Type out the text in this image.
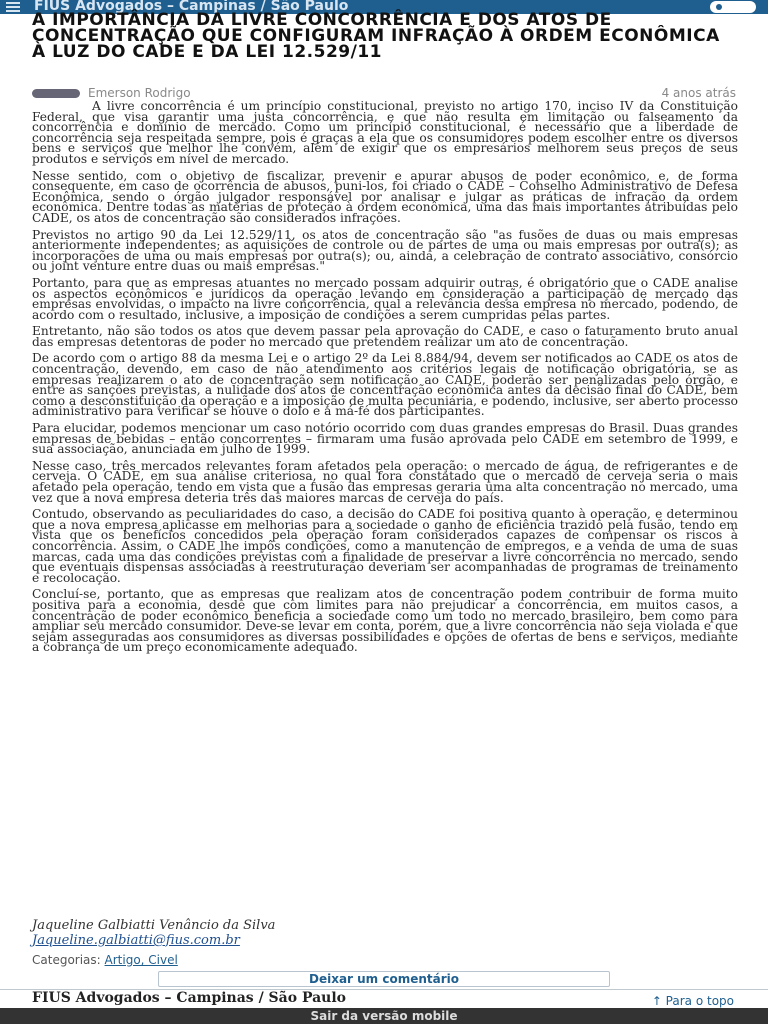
FIUS Advogados – Campinas / São Paulo
A IMPORTÂNCIA DA LIVRE CONCORRÊNCIA E DOS ATOS DE CONCENTRAÇÃO QUE CONFIGURAM INFRAÇÃO À ORDEM ECONÔMICA À LUZ DO CADE E DA LEI 12.529/11
Emerson Rodrigo	4 anos atrás

A livre concorrência é um princípio constitucional, previsto no artigo 170, inciso IV da Constituição Federal, que visa garantir uma justa concorrência, e que não resulta em limitação ou falseamento da concorrência e domínio de mercado. Como um princípio constitucional, é necessário que a liberdade de concorrência seja respeitada sempre, pois é graças a ela que os consumidores podem escolher entre os diversos bens e serviços que melhor lhe convém, além de exigir que os empresários melhorem seus preços de seus produtos e serviços em nível de mercado.

Nesse sentido, com o objetivo de fiscalizar, prevenir e apurar abusos de poder econômico, e, de forma consequente, em caso de ocorrência de abusos, puni-los, foi criado o CADE – Conselho Administrativo de Defesa Econômica, sendo o órgão julgador responsável por analisar e julgar as práticas de infração da ordem econômica. Dentre todas as matérias de proteção à ordem econômica, uma das mais importantes atribuídas pelo CADE, os atos de concentração são considerados infrações.

Previstos no artigo 90 da Lei 12.529/11, os atos de concentração são "as fusões de duas ou mais empresas anteriormente independentes; as aquisições de controle ou de partes de uma ou mais empresas por outra(s); as incorporações de uma ou mais empresas por outra(s); ou, ainda, a celebração de contrato associativo, consórcio ou joint venture entre duas ou mais empresas."

Portanto, para que as empresas atuantes no mercado possam adquirir outras, é obrigatório que o CADE analise os aspectos econômicos e jurídicos da operação levando em consideração a participação de mercado das empresas envolvidas, o impacto na livre concorrência, qual a relevância dessa empresa no mercado, podendo, de acordo com o resultado, inclusive, a imposição de condições a serem cumpridas pelas partes.

Entretanto, não são todos os atos que devem passar pela aprovação do CADE, e caso o faturamento bruto anual das empresas detentoras de poder no mercado que pretendem realizar um ato de concentração.

De acordo com o artigo 88 da mesma Lei e o artigo 2º da Lei 8.884/94, devem ser notificados ao CADE os atos de concentração, devendo, em caso de não atendimento aos critérios legais de notificação obrigatória, se as empresas realizarem o ato de concentração sem notificação ao CADE, poderão ser penalizadas pelo órgão, e entre as sanções previstas, a nulidade dos atos de concentração econômica antes da decisão final do CADE, bem como a desconstituição da operação e a imposição de multa pecuniária, e podendo, inclusive, ser aberto processo administrativo para verificar se houve o dolo e a má-fé dos participantes.

Para elucidar, podemos mencionar um caso notório ocorrido com duas grandes empresas do Brasil. Duas grandes empresas de bebidas – então concorrentes – firmaram uma fusão aprovada pelo CADE em setembro de 1999, e sua associação, anunciada em julho de 1999.

Nesse caso, três mercados relevantes foram afetados pela operação: o mercado de água, de refrigerantes e de cerveja. O CADE, em sua análise criteriosa, no qual fora constatado que o mercado de cerveja seria o mais afetado pela operação, tendo em vista que a fusão das empresas geraria uma alta concentração no mercado, uma vez que a nova empresa deteria três das maiores marcas de cerveja do país.

Contudo, observando as peculiaridades do caso, a decisão do CADE foi positiva quanto à operação, e determinou que a nova empresa aplicasse em melhorias para a sociedade o ganho de eficiência trazido pela fusão, tendo em vista que os benefícios concedidos pela operação foram considerados capazes de compensar os riscos à concorrência. Assim, o CADE lhe impôs condições, como a manutenção de empregos, e a venda de uma de suas marcas, cada uma das condições previstas com a finalidade de preservar a livre concorrência no mercado, sendo que eventuais dispensas associadas à reestruturação deveriam ser acompanhadas de programas de treinamento e recolocação.

Concluí-se, portanto, que as empresas que realizam atos de concentração podem contribuir de forma muito positiva para a economia, desde que com limites para não prejudicar a concorrência, em muitos casos, a concentração de poder econômico beneficia a sociedade como um todo no mercado brasileiro, bem como para ampliar seu mercado consumidor. Deve-se levar em conta, porém, que a livre concorrência não seja violada e que sejam asseguradas aos consumidores as diversas possibilidades e opções de ofertas de bens e serviços, mediante a cobrança de um preço economicamente adequado.

Jaqueline Galbiatti Venâncio da Silva
Jaqueline.galbiatti@fius.com.br
Categorias: Artigo, Civel
Deixar um comentário
FIUS Advogados – Campinas / São Paulo	↑ Para o topo
Sair da versão mobile
